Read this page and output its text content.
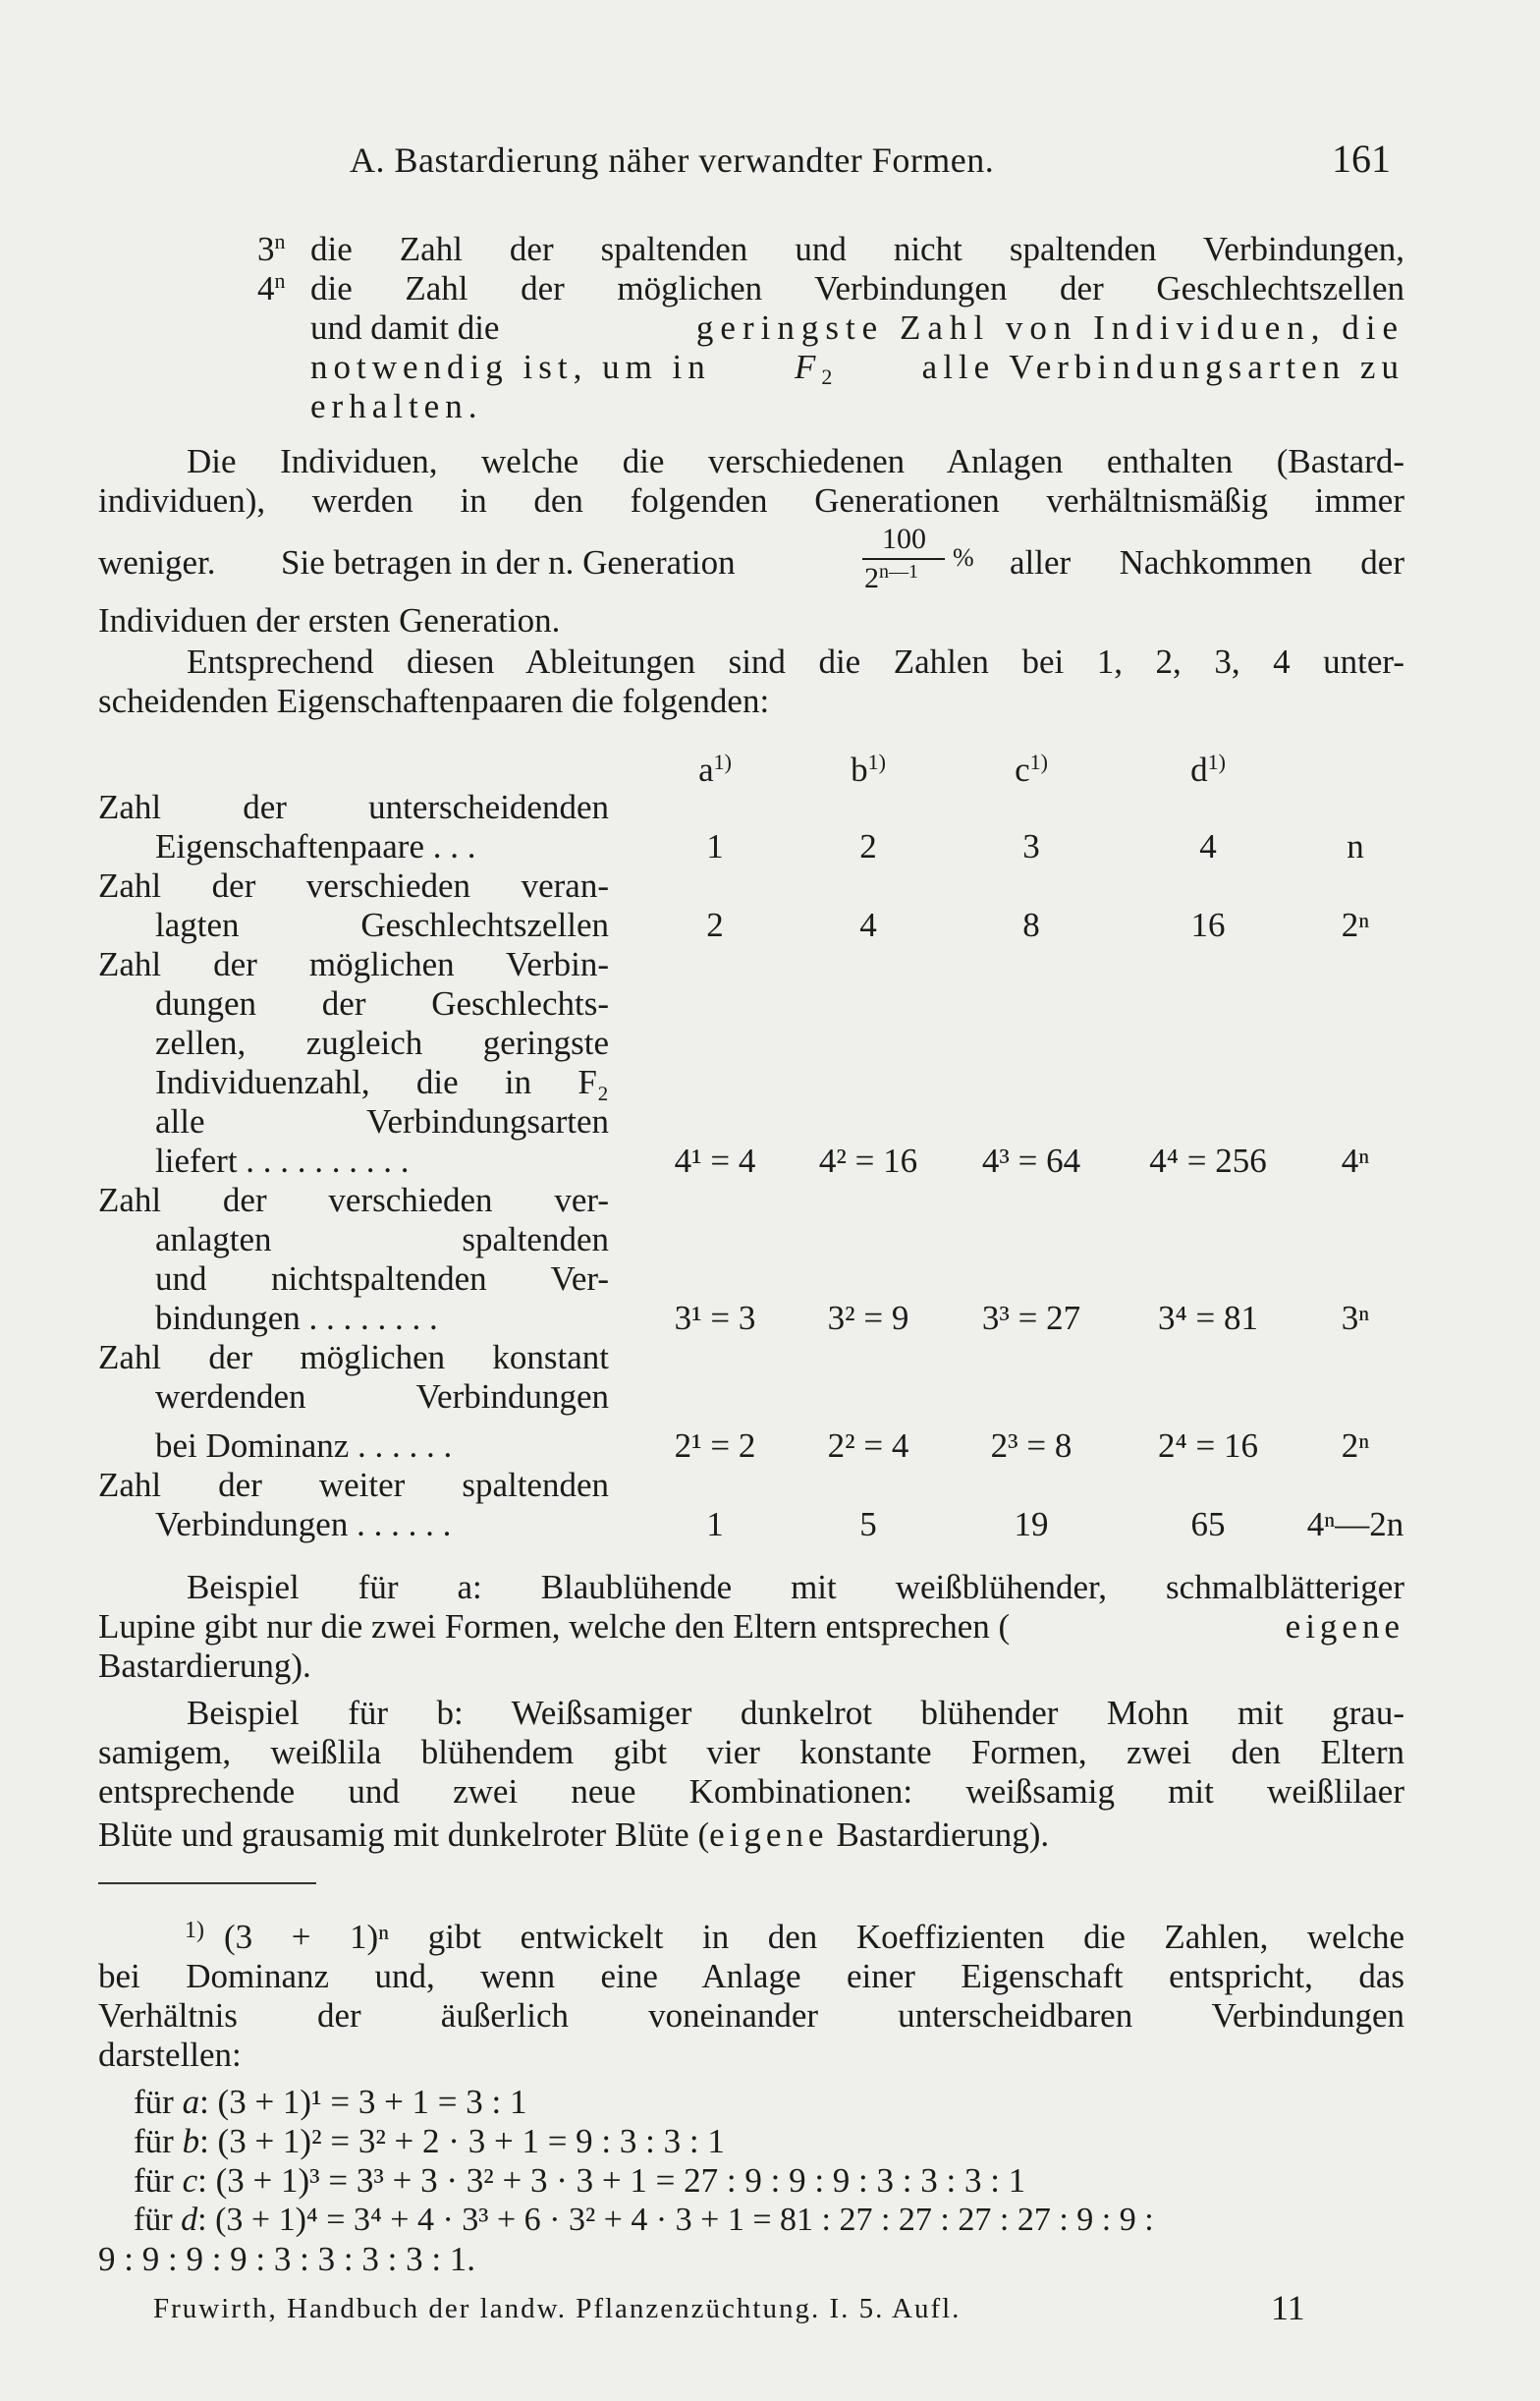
A. Bastardierung näher verwandter Formen.	161
3$^n$ die Zahl der spaltenden und nicht spaltenden Verbindungen,
4$^n$ die Zahl der möglichen Verbindungen der Geschlechtszellen
und damit die	geringste Zahl von Individuen, die
notwendig ist, um in $F_2$ alle Verbindungsarten zu
erhalten.
Die Individuen, welche die verschiedenen Anlagen enthalten (Bastard-
individuen), werden in den folgenden Generationen verhältnismäßig immer
weniger.	Sie betragen in der n. Generation
100
$2^{n—1}$ % aller Nachkommen der
Individuen der ersten Generation.
Entsprechend diesen Ableitungen sind die Zahlen bei 1, 2, 3, 4 unter-
scheidenden Eigenschaftenpaaren die folgenden:
$a^{1)}$	$b^{1)}$	$c^{1)}$	$d^{1)}$
Zahl der unterscheidenden
Eigenschaftenpaare . . .	1	2	3	4	n
Zahl der verschieden veran-
lagten Geschlechtszellen	2	4	8	16	2ⁿ
Zahl der möglichen Verbin-
dungen der Geschlechts-
zellen, zugleich geringste
Individuenzahl, die in F₂
alle Verbindungsarten
liefert . . . . . . . . . .	4¹ = 4	4² = 16	4³ = 64	4⁴ = 256	4ⁿ
Zahl der verschieden ver-
anlagten spaltenden
und nichtspaltenden Ver-
bindungen . . . . . . . .	3¹ = 3	3² = 9	3³ = 27	3⁴ = 81	3ⁿ
Zahl der möglichen konstant
werdenden Verbindungen
bei Dominanz . . . . . .	2¹ = 2	2² = 4	2³ = 8	2⁴ = 16	2ⁿ
Zahl der weiter spaltenden
Verbindungen . . . . . .	1	5	19	65	4ⁿ—2n
Beispiel für a: Blaublühende mit weißblühender, schmalblätteriger
Lupine gibt nur die zwei Formen, welche den Eltern entsprechen (	eigene
Bastardierung).
Beispiel für b: Weißsamiger dunkelrot blühender Mohn mit grau-
samigem, weißlila blühendem gibt vier konstante Formen, zwei den Eltern
entsprechende und zwei neue Kombinationen: weißsamig mit weißlilaer
Blüte und grausamig mit dunkelroter Blüte (eigene Bastardierung).
1) (3 + 1)ⁿ gibt entwickelt in den Koeffizienten die Zahlen, welche
bei Dominanz und, wenn eine Anlage einer Eigenschaft entspricht, das
Verhältnis der äußerlich voneinander unterscheidbaren Verbindungen
darstellen:
für a: (3 + 1)¹ = 3 + 1 = 3 : 1
für b: (3 + 1)² = 3² + 2 · 3 + 1 = 9 : 3 : 3 : 1
für c: (3 + 1)³ = 3³ + 3 · 3² + 3 · 3 + 1 = 27 : 9 : 9 : 9 : 3 : 3 : 3 : 1
für d: (3 + 1)⁴ = 3⁴ + 4 · 3³ + 6 · 3² + 4 · 3 + 1 = 81 : 27 : 27 : 27 : 27 : 9 : 9 :
9 : 9 : 9 : 9 : 3 : 3 : 3 : 3 : 1.
Fruwirth, Handbuch der landw. Pflanzenzüchtung. I. 5. Aufl.	11
